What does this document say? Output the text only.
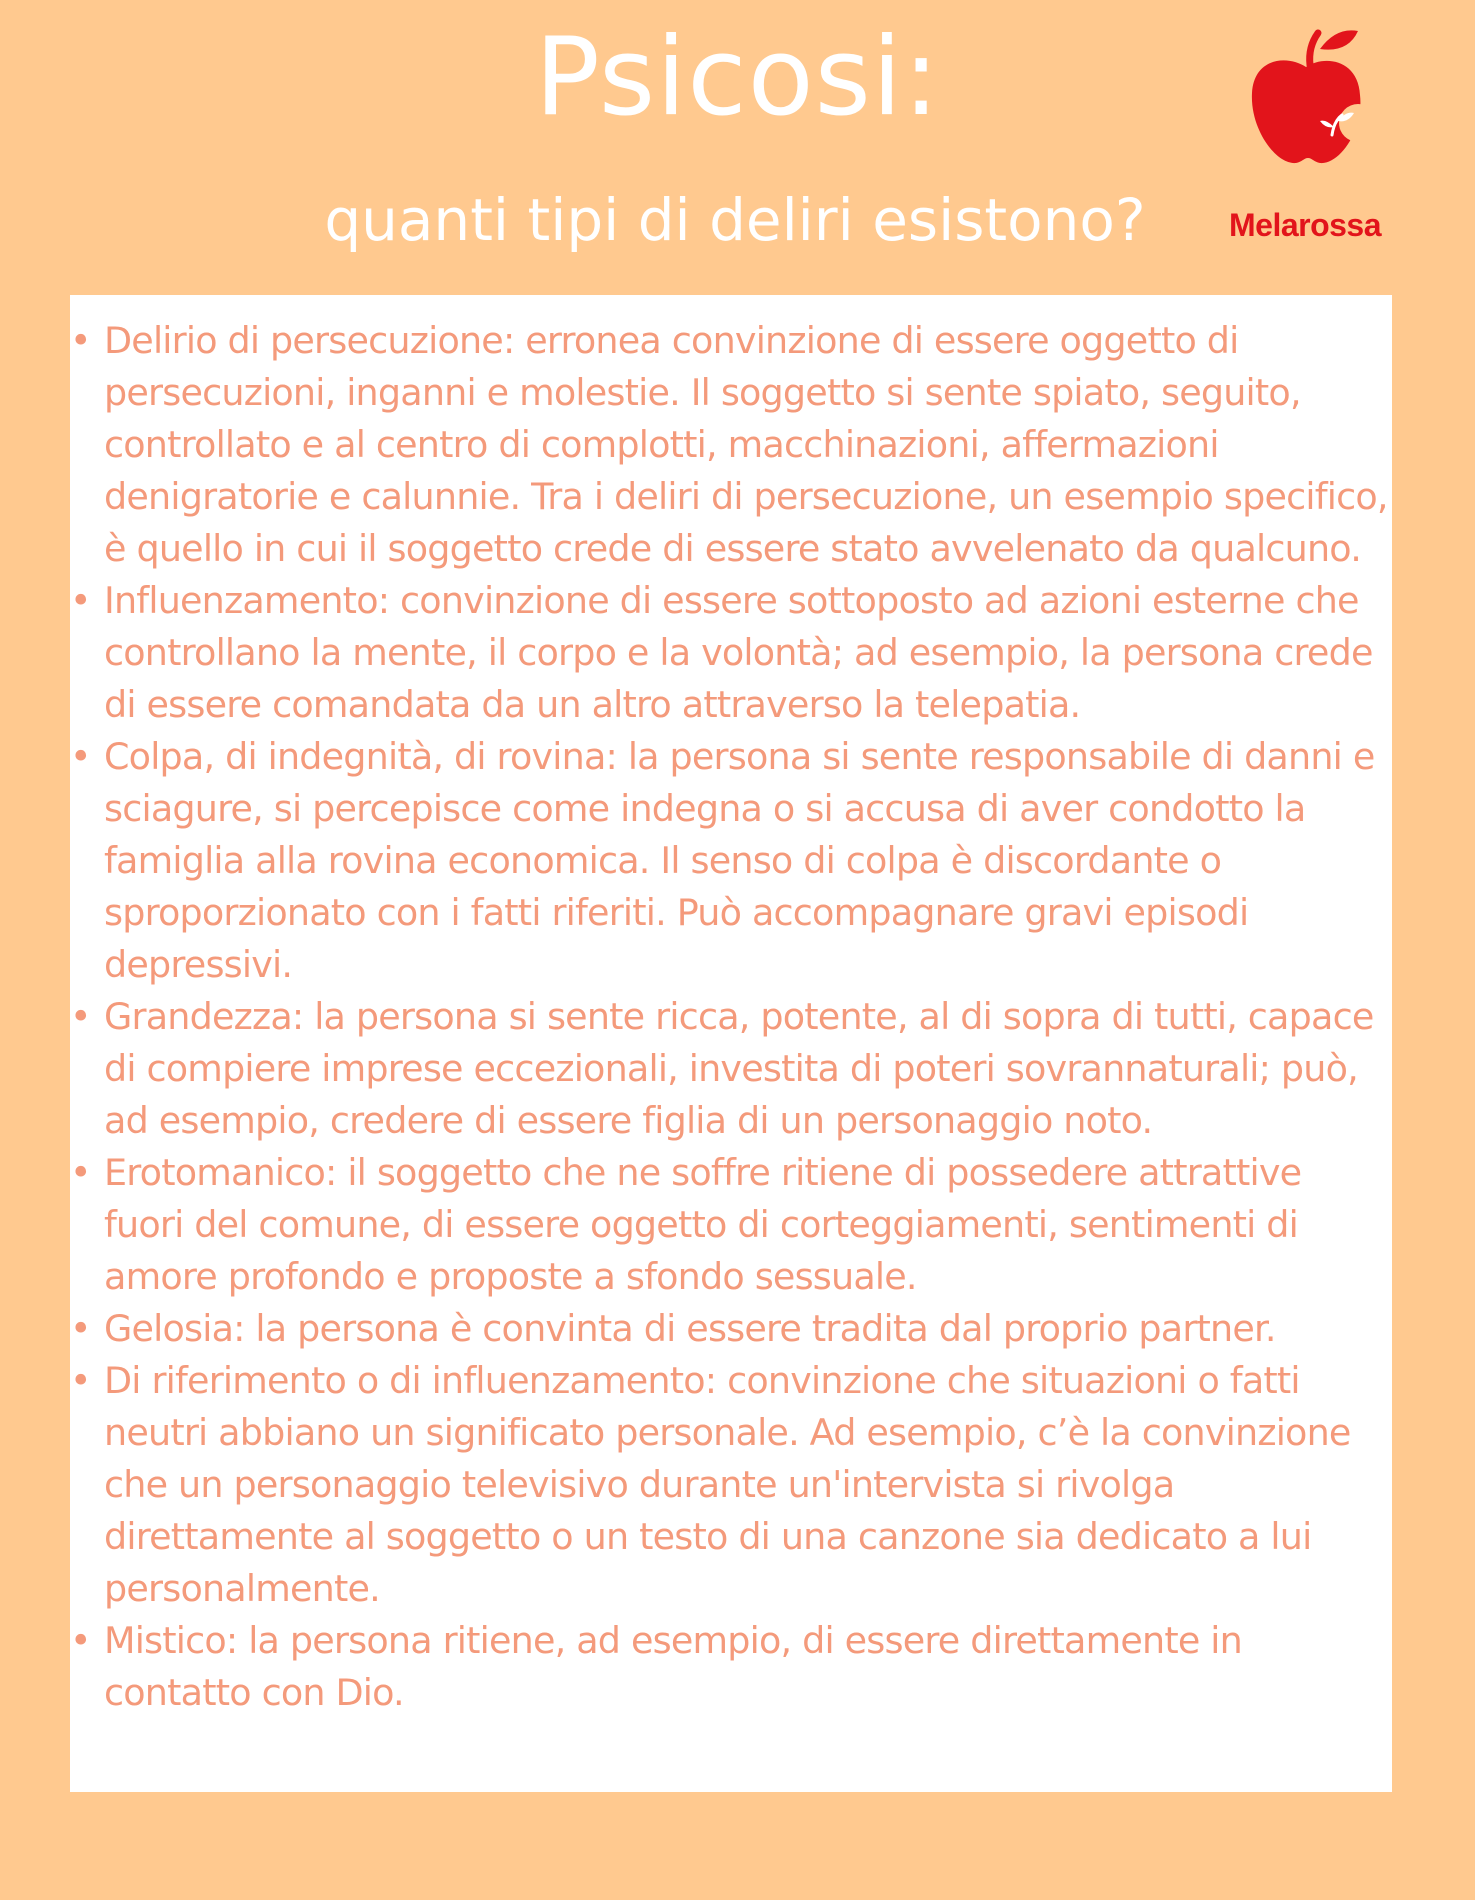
Psicosi:
quanti tipi di deliri esistono?	Melarossa
• Delirio di persecuzione: erronea convinzione di essere oggetto di persecuzioni, inganni e molestie. Il soggetto si sente spiato, seguito, controllato e al centro di complotti, macchinazioni, affermazioni denigratorie e calunnie. Tra i deliri di persecuzione, un esempio specifico, è quello in cui il soggetto crede di essere stato avvelenato da qualcuno.
• Influenzamento: convinzione di essere sottoposto ad azioni esterne che controllano la mente, il corpo e la volontà; ad esempio, la persona crede di essere comandata da un altro attraverso la telepatia.
• Colpa, di indegnità, di rovina: la persona si sente responsabile di danni e sciagure, si percepisce come indegna o si accusa di aver condotto la famiglia alla rovina economica. Il senso di colpa è discordante o sproporzionato con i fatti riferiti. Può accompagnare gravi episodi depressivi.
• Grandezza: la persona si sente ricca, potente, al di sopra di tutti, capace di compiere imprese eccezionali, investita di poteri sovrannaturali; può, ad esempio, credere di essere figlia di un personaggio noto.
• Erotomanico: il soggetto che ne soffre ritiene di possedere attrattive fuori del comune, di essere oggetto di corteggiamenti, sentimenti di amore profondo e proposte a sfondo sessuale.
• Gelosia: la persona è convinta di essere tradita dal proprio partner.
• Di riferimento o di influenzamento: convinzione che situazioni o fatti neutri abbiano un significato personale. Ad esempio, c’è la convinzione che un personaggio televisivo durante un'intervista si rivolga direttamente al soggetto o un testo di una canzone sia dedicato a lui personalmente.
• Mistico: la persona ritiene, ad esempio, di essere direttamente in contatto con Dio.
